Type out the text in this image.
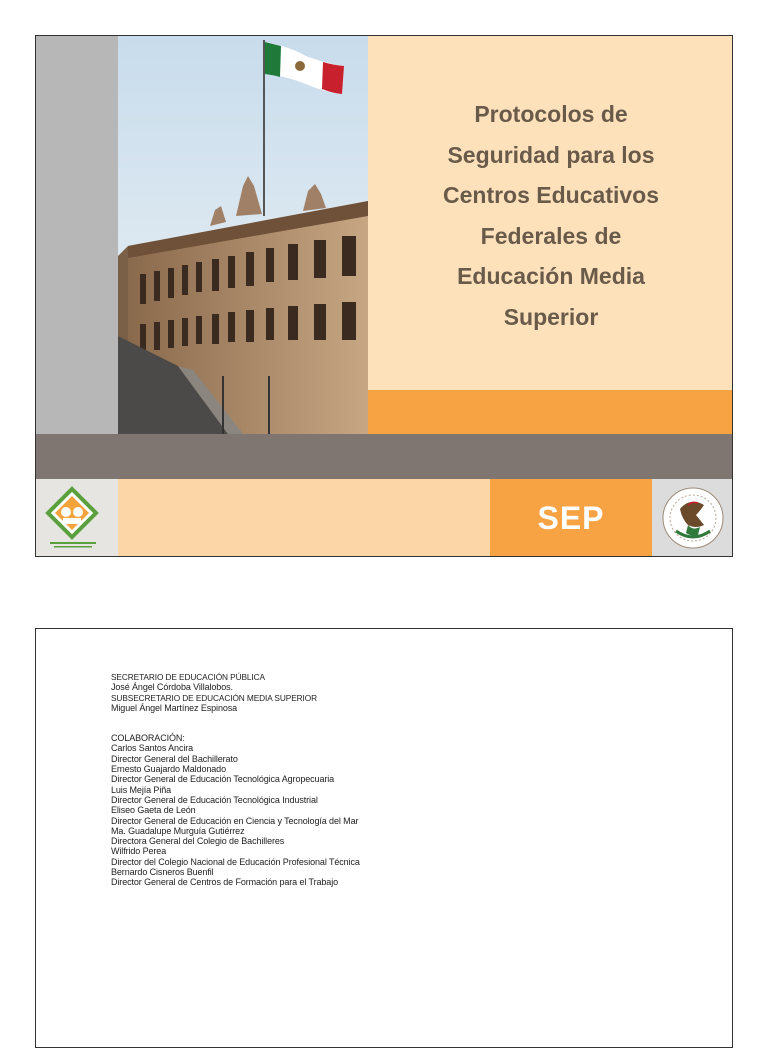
Protocolos de
Seguridad para los
Centros Educativos
Federales de
Educación Media
Superior
SEP
SECRETARIO DE EDUCACIÓN PÚBLICA
José Ángel Córdoba Villalobos.
SUBSECRETARIO DE EDUCACIÓN MEDIA SUPERIOR
Miguel Ángel Martínez Espinosa
COLABORACIÓN:
Carlos Santos Ancira
Director General del Bachillerato
Ernesto Guajardo Maldonado
Director General de Educación Tecnológica Agropecuaria
Luis Mejía Piña
Director General de Educación Tecnológica Industrial
Eliseo Gaeta de León
Director General de Educación en Ciencia y Tecnología del Mar
Ma. Guadalupe Murguía Gutiérrez
Directora General del Colegio de Bachilleres
Wilfrido Perea
Director del Colegio Nacional de Educación Profesional Técnica
Bernardo Cisneros Buenfil
Director General de Centros de Formación para el Trabajo
